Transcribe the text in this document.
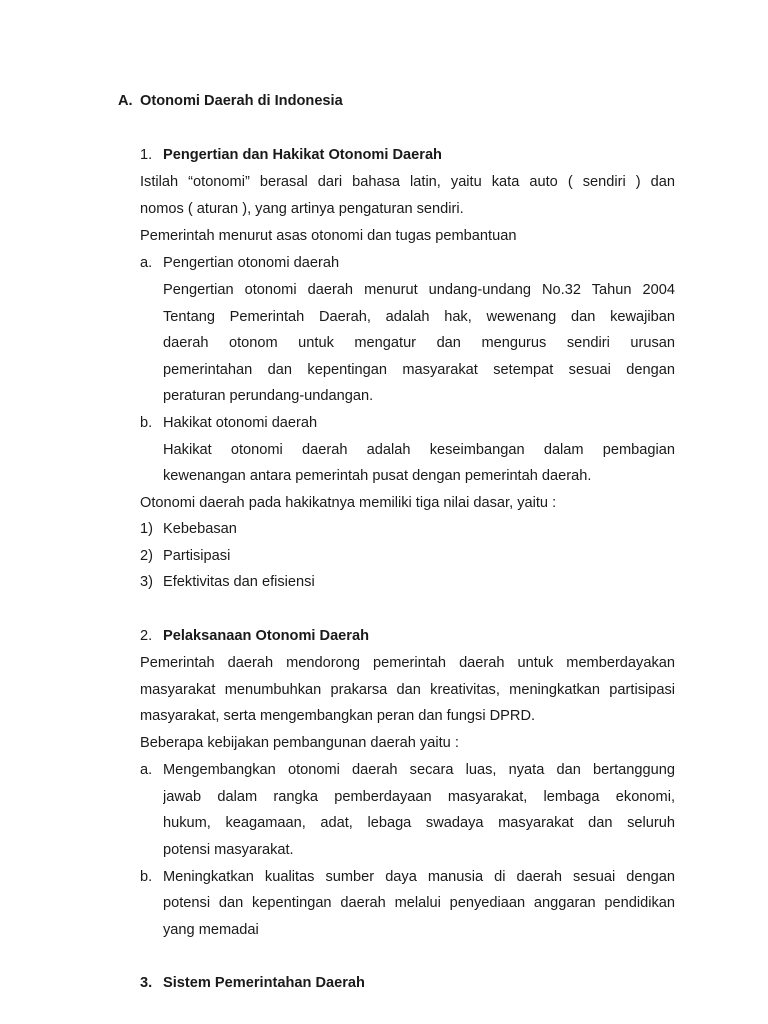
A. Otonomi Daerah di Indonesia
1. Pengertian dan Hakikat Otonomi Daerah
Istilah “otonomi” berasal dari bahasa latin, yaitu kata auto ( sendiri ) dan
nomos ( aturan ), yang artinya pengaturan sendiri.
Pemerintah menurut asas otonomi dan tugas pembantuan
a. Pengertian otonomi daerah
Pengertian otonomi daerah menurut undang-undang No.32 Tahun 2004
Tentang Pemerintah Daerah, adalah hak, wewenang dan kewajiban
daerah otonom untuk mengatur dan mengurus sendiri urusan
pemerintahan dan kepentingan masyarakat setempat sesuai dengan
peraturan perundang-undangan.
b. Hakikat otonomi daerah
Hakikat otonomi daerah adalah keseimbangan dalam pembagian
kewenangan antara pemerintah pusat dengan pemerintah daerah.
Otonomi daerah pada hakikatnya memiliki tiga nilai dasar, yaitu :
1) Kebebasan
2) Partisipasi
3) Efektivitas dan efisiensi
2. Pelaksanaan Otonomi Daerah
Pemerintah daerah mendorong pemerintah daerah untuk memberdayakan
masyarakat menumbuhkan prakarsa dan kreativitas, meningkatkan partisipasi
masyarakat, serta mengembangkan peran dan fungsi DPRD.
Beberapa kebijakan pembangunan daerah yaitu :
a. Mengembangkan otonomi daerah secara luas, nyata dan bertanggung
jawab dalam rangka pemberdayaan masyarakat, lembaga ekonomi,
hukum, keagamaan, adat, lebaga swadaya masyarakat dan seluruh
potensi masyarakat.
b. Meningkatkan kualitas sumber daya manusia di daerah sesuai dengan
potensi dan kepentingan daerah melalui penyediaan anggaran pendidikan
yang memadai
3. Sistem Pemerintahan Daerah
